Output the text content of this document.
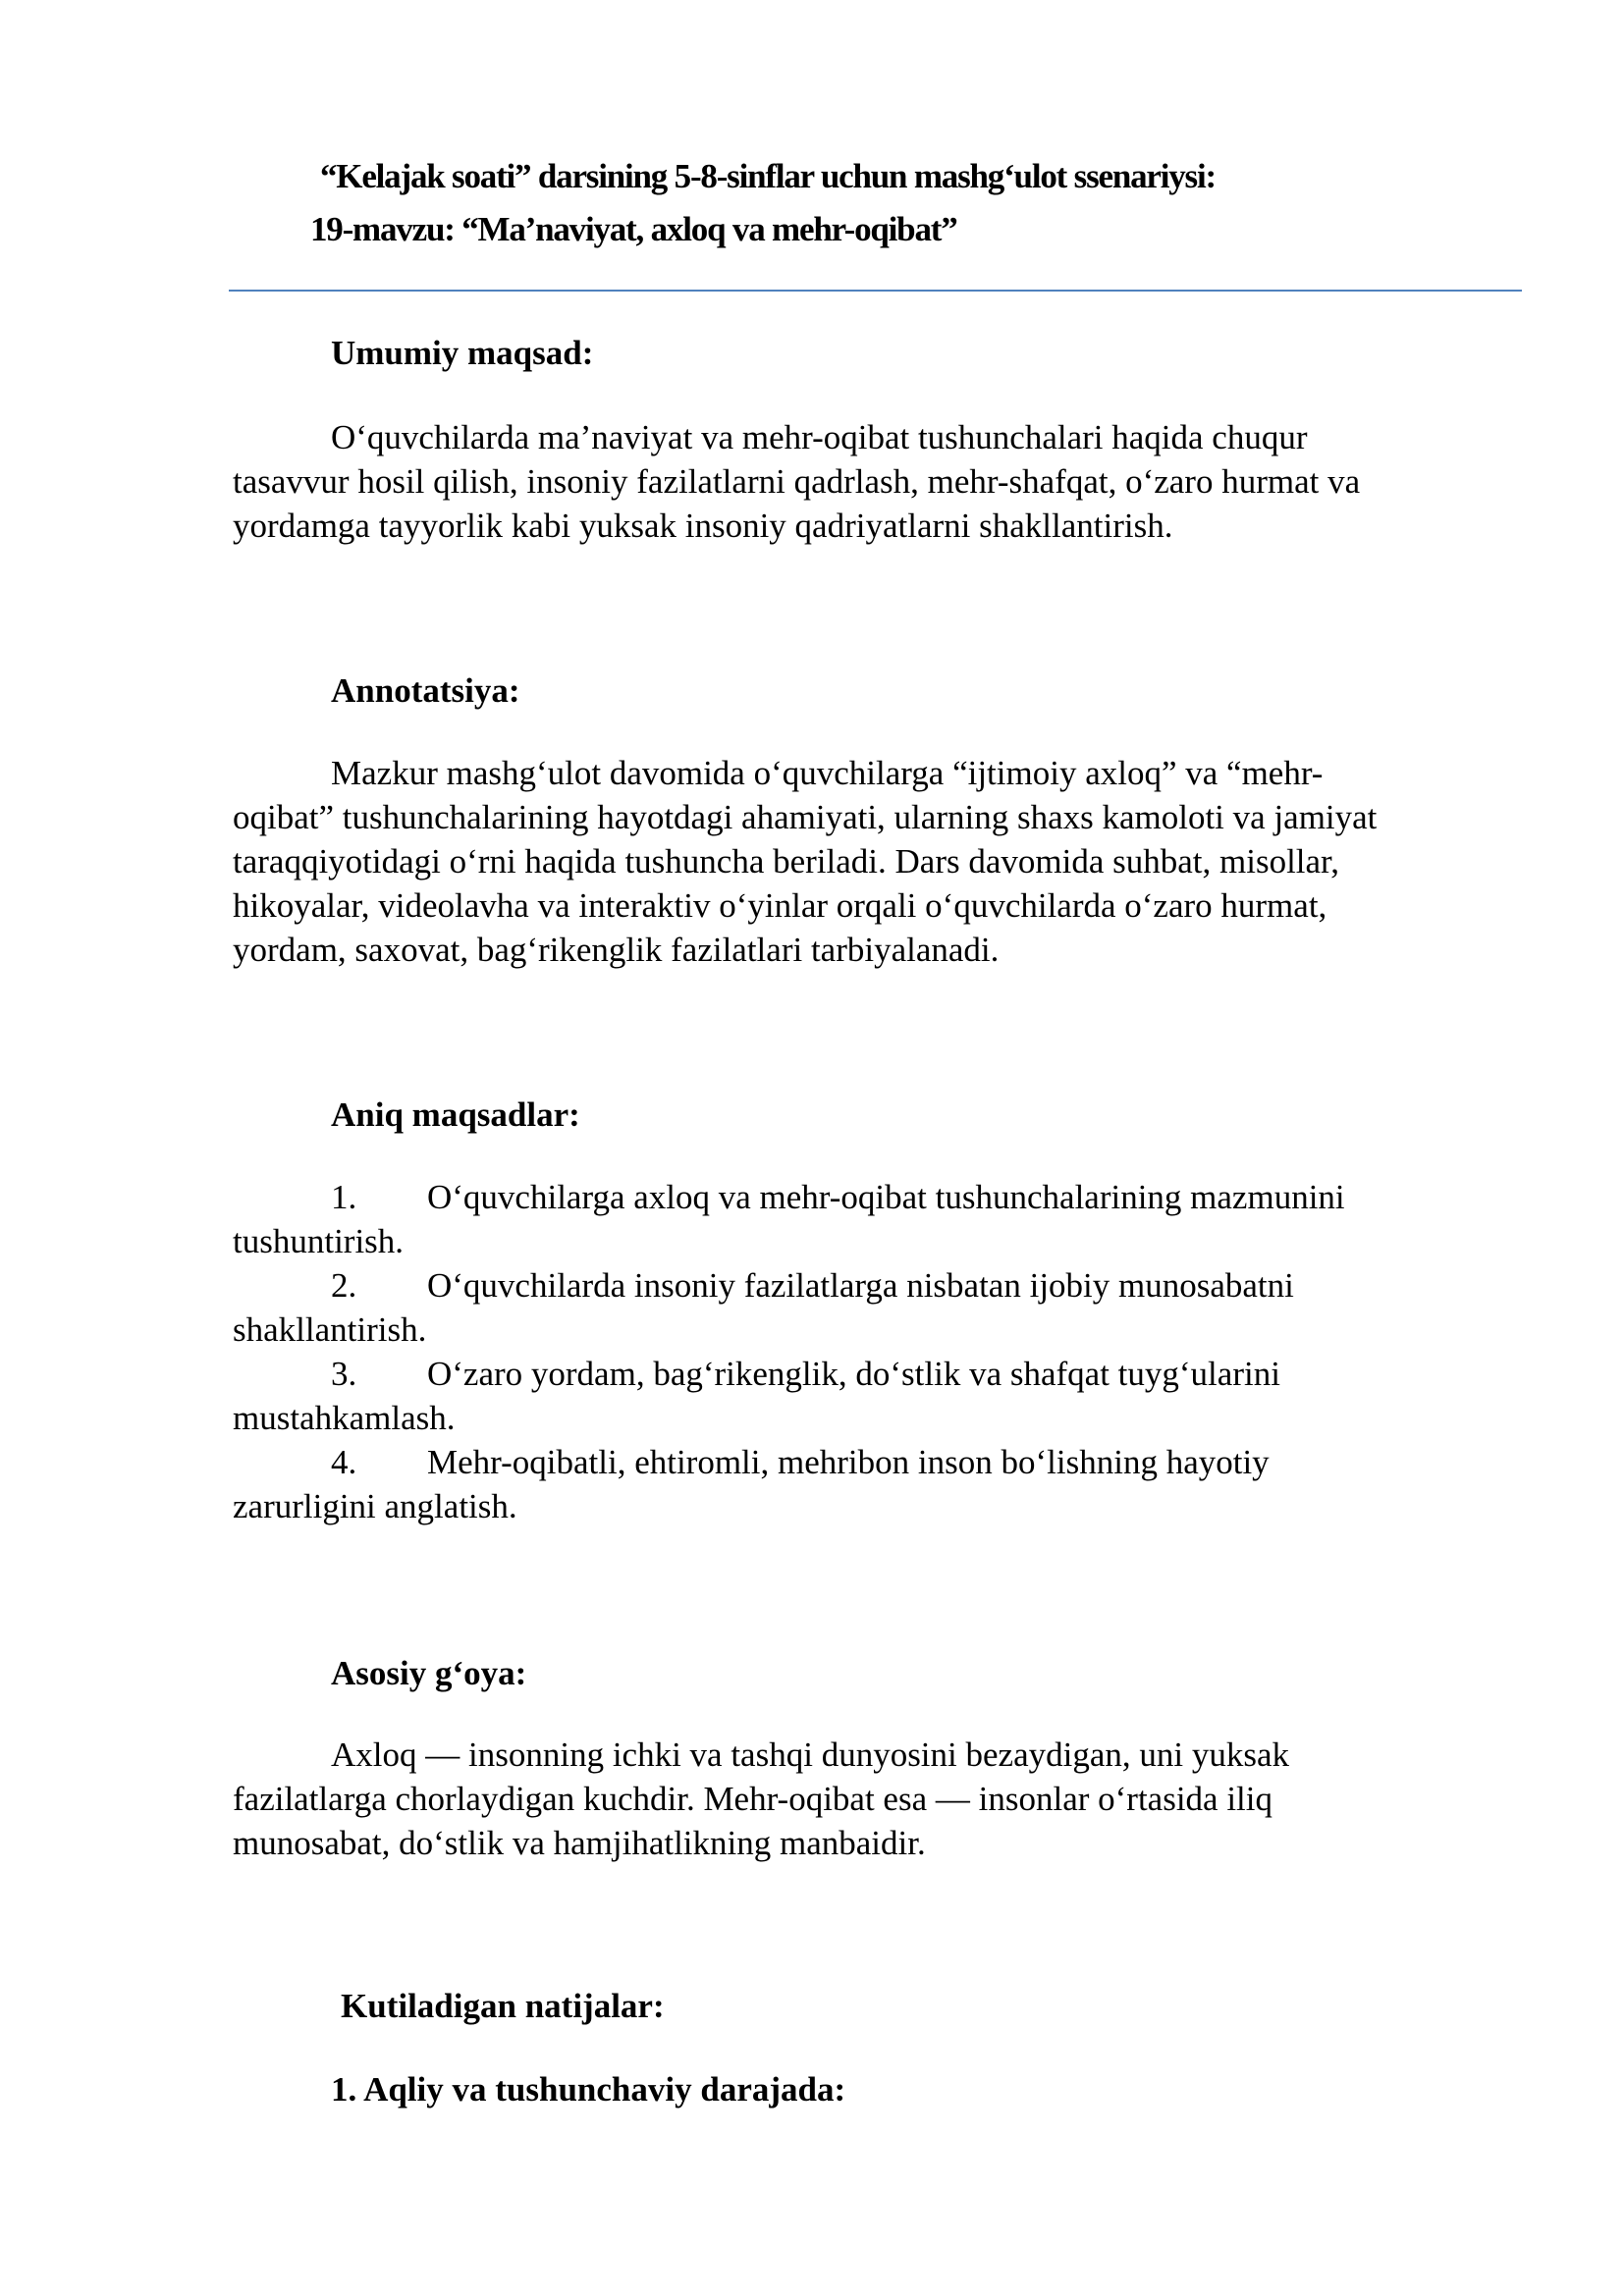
“Kelajak soati” darsining 5-8-sinflar uchun mashg‘ulot ssenariysi:
19-mavzu: “Ma’naviyat, axloq va mehr-oqibat”
Umumiy maqsad:
O‘quvchilarda ma’naviyat va mehr-oqibat tushunchalari haqida chuqur
tasavvur hosil qilish, insoniy fazilatlarni qadrlash, mehr-shafqat, o‘zaro hurmat va
yordamga tayyorlik kabi yuksak insoniy qadriyatlarni shakllantirish.
Annotatsiya:
Mazkur mashg‘ulot davomida o‘quvchilarga “ijtimoiy axloq” va “mehr-
oqibat” tushunchalarining hayotdagi ahamiyati, ularning shaxs kamoloti va jamiyat
taraqqiyotidagi o‘rni haqida tushuncha beriladi. Dars davomida suhbat, misollar,
hikoyalar, videolavha va interaktiv o‘yinlar orqali o‘quvchilarda o‘zaro hurmat,
yordam, saxovat, bag‘rikenglik fazilatlari tarbiyalanadi.
Aniq maqsadlar:
1. O‘quvchilarga axloq va mehr-oqibat tushunchalarining mazmunini
tushuntirish.
2. O‘quvchilarda insoniy fazilatlarga nisbatan ijobiy munosabatni
shakllantirish.
3. O‘zaro yordam, bag‘rikenglik, do‘stlik va shafqat tuyg‘ularini
mustahkamlash.
4. Mehr-oqibatli, ehtiromli, mehribon inson bo‘lishning hayotiy
zarurligini anglatish.
Asosiy g‘oya:
Axloq — insonning ichki va tashqi dunyosini bezaydigan, uni yuksak
fazilatlarga chorlaydigan kuchdir. Mehr-oqibat esa — insonlar o‘rtasida iliq
munosabat, do‘stlik va hamjihatlikning manbaidir.
Kutiladigan natijalar:
1. Aqliy va tushunchaviy darajada:
